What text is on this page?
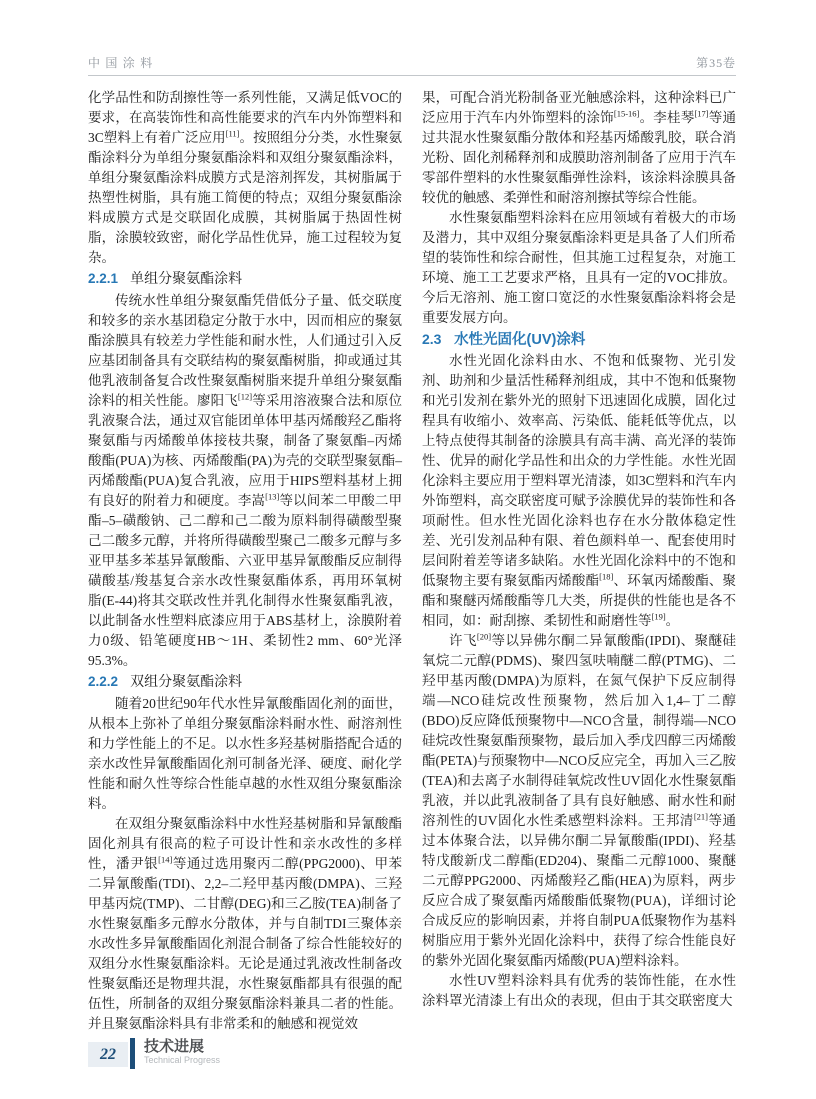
中国涂料	第35卷

化学品性和防刮擦性等一系列性能，又满足低VOC的要求，在高装饰性和高性能要求的汽车内外饰塑料和3C塑料上有着广泛应用[11]。按照组分分类，水性聚氨酯涂料分为单组分聚氨酯涂料和双组分聚氨酯涂料，单组分聚氨酯涂料成膜方式是溶剂挥发，其树脂属于热塑性树脂，具有施工简便的特点；双组分聚氨酯涂料成膜方式是交联固化成膜，其树脂属于热固性树脂，涂膜较致密，耐化学品性优异，施工过程较为复杂。

2.2.1 单组分聚氨酯涂料

传统水性单组分聚氨酯凭借低分子量、低交联度和较多的亲水基团稳定分散于水中，因而相应的聚氨酯涂膜具有较差力学性能和耐水性，人们通过引入反应基团制备具有交联结构的聚氨酯树脂，抑或通过其他乳液制备复合改性聚氨酯树脂来提升单组分聚氨酯涂料的相关性能。廖阳飞[12]等采用溶液聚合法和原位乳液聚合法，通过双官能团单体甲基丙烯酸羟乙酯将聚氨酯与丙烯酸单体接枝共聚，制备了聚氨酯–丙烯酸酯(PUA)为核、丙烯酸酯(PA)为壳的交联型聚氨酯–丙烯酸酯(PUA)复合乳液，应用于HIPS塑料基材上拥有良好的附着力和硬度。李嵩[13]等以间苯二甲酸二甲酯–5–磺酸钠、己二醇和己二酸为原料制得磺酸型聚己二酸多元醇，并将所得磺酸型聚己二酸多元醇与多亚甲基多苯基异氰酸酯、六亚甲基异氰酸酯反应制得磺酸基/羧基复合亲水改性聚氨酯体系，再用环氧树脂(E-44)将其交联改性并乳化制得水性聚氨酯乳液，以此制备水性塑料底漆应用于ABS基材上，涂膜附着力0级、铅笔硬度HB～1H、柔韧性2 mm、60°光泽95.3%。

2.2.2 双组分聚氨酯涂料

随着20世纪90年代水性异氰酸酯固化剂的面世，从根本上弥补了单组分聚氨酯涂料耐水性、耐溶剂性和力学性能上的不足。以水性多羟基树脂搭配合适的亲水改性异氰酸酯固化剂可制备光泽、硬度、耐化学性能和耐久性等综合性能卓越的水性双组分聚氨酯涂料。

在双组分聚氨酯涂料中水性羟基树脂和异氰酸酯固化剂具有很高的粒子可设计性和亲水改性的多样性，潘尹银[14]等通过选用聚丙二醇(PPG2000)、甲苯二异氰酸酯(TDI)、2,2–二羟甲基丙酸(DMPA)、三羟甲基丙烷(TMP)、二甘醇(DEG)和三乙胺(TEA)制备了水性聚氨酯多元醇水分散体，并与自制TDI三聚体亲水改性多异氰酸酯固化剂混合制备了综合性能较好的双组分水性聚氨酯涂料。无论是通过乳液改性制备改性聚氨酯还是物理共混，水性聚氨酯都具有很强的配伍性，所制备的双组分聚氨酯涂料兼具二者的性能。并且聚氨酯涂料具有非常柔和的触感和视觉效

果，可配合消光粉制备亚光触感涂料，这种涂料已广泛应用于汽车内外饰塑料的涂饰[15-16]。李桂琴[17]等通过共混水性聚氨酯分散体和羟基丙烯酸乳胶，联合消光粉、固化剂稀释剂和成膜助溶剂制备了应用于汽车零部件塑料的水性聚氨酯弹性涂料，该涂料涂膜具备较优的触感、柔弹性和耐溶剂擦拭等综合性能。

水性聚氨酯塑料涂料在应用领域有着极大的市场及潜力，其中双组分聚氨酯涂料更是具备了人们所希望的装饰性和综合耐性，但其施工过程复杂，对施工环境、施工工艺要求严格，且具有一定的VOC排放。今后无溶剂、施工窗口宽泛的水性聚氨酯涂料将会是重要发展方向。

2.3 水性光固化(UV)涂料

水性光固化涂料由水、不饱和低聚物、光引发剂、助剂和少量活性稀释剂组成，其中不饱和低聚物和光引发剂在紫外光的照射下迅速固化成膜，固化过程具有收缩小、效率高、污染低、能耗低等优点，以上特点使得其制备的涂膜具有高丰满、高光泽的装饰性、优异的耐化学品性和出众的力学性能。水性光固化涂料主要应用于塑料罩光清漆，如3C塑料和汽车内外饰塑料，高交联密度可赋予涂膜优异的装饰性和各项耐性。但水性光固化涂料也存在水分散体稳定性差、光引发剂品种有限、着色颜料单一、配套使用时层间附着差等诸多缺陷。水性光固化涂料中的不饱和低聚物主要有聚氨酯丙烯酸酯[18]、环氧丙烯酸酯、聚酯和聚醚丙烯酸酯等几大类，所提供的性能也是各不相同，如：耐刮擦、柔韧性和耐磨性等[19]。

许飞[20]等以异佛尔酮二异氰酸酯(IPDI)、聚醚硅氧烷二元醇(PDMS)、聚四氢呋喃醚二醇(PTMG)、二羟甲基丙酸(DMPA)为原料，在氮气保护下反应制得端—NCO硅烷改性预聚物，然后加入1,4–丁二醇(BDO)反应降低预聚物中—NCO含量，制得端—NCO硅烷改性聚氨酯预聚物，最后加入季戊四醇三丙烯酸酯(PETA)与预聚物中—NCO反应完全，再加入三乙胺(TEA)和去离子水制得硅氧烷改性UV固化水性聚氨酯乳液，并以此乳液制备了具有良好触感、耐水性和耐溶剂性的UV固化水性柔感塑料涂料。王邦清[21]等通过本体聚合法，以异佛尔酮二异氰酸酯(IPDI)、羟基特戊酸新戊二醇酯(ED204)、聚酯二元醇1000、聚醚二元醇PPG2000、丙烯酸羟乙酯(HEA)为原料，两步反应合成了聚氨酯丙烯酸酯低聚物(PUA)，详细讨论合成反应的影响因素，并将自制PUA低聚物作为基料树脂应用于紫外光固化涂料中，获得了综合性能良好的紫外光固化聚氨酯丙烯酸(PUA)塑料涂料。

水性UV塑料涂料具有优秀的装饰性能，在水性涂料罩光清漆上有出众的表现，但由于其交联密度大

22	技术进展
Technical Progress
